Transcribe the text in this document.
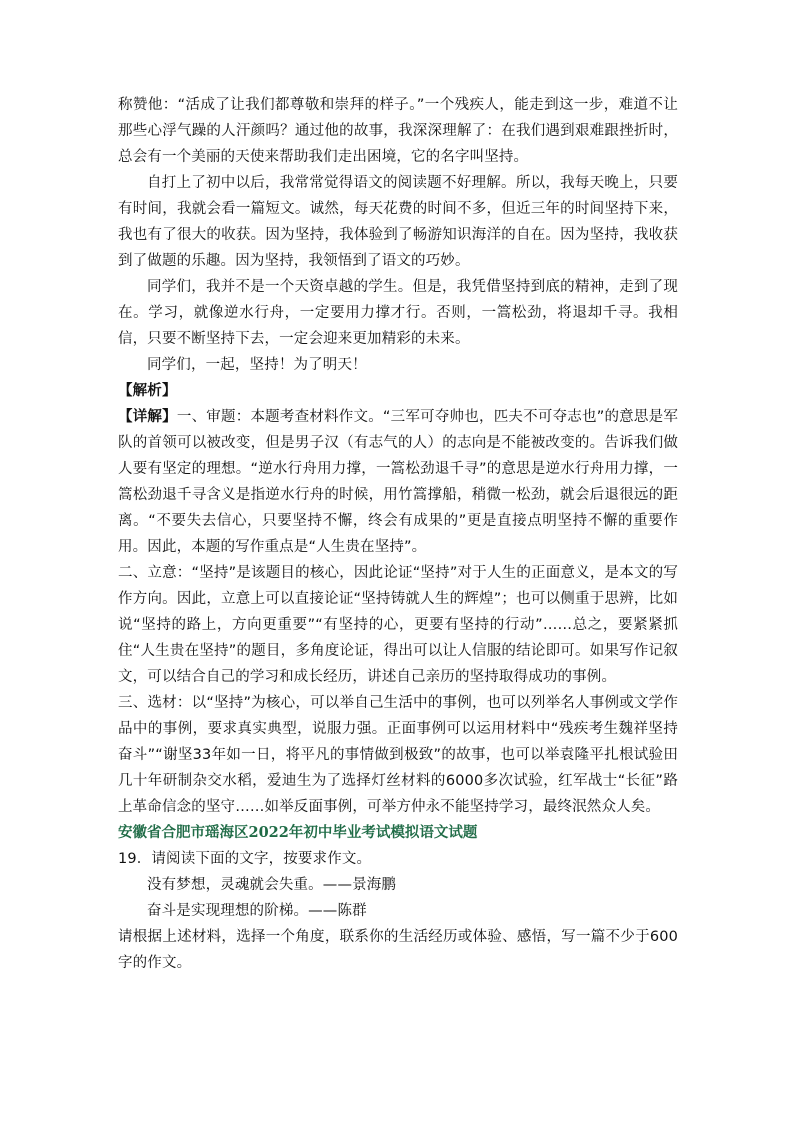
称赞他：“活成了让我们都尊敬和崇拜的样子。”一个残疾人，能走到这一步，难道不让那些心浮气躁的人汗颜吗？通过他的故事，我深深理解了：在我们遇到艰难跟挫折时，总会有一个美丽的天使来帮助我们走出困境，它的名字叫坚持。

自打上了初中以后，我常常觉得语文的阅读题不好理解。所以，我每天晚上，只要有时间，我就会看一篇短文。诚然，每天花费的时间不多，但近三年的时间坚持下来，我也有了很大的收获。因为坚持，我体验到了畅游知识海洋的自在。因为坚持，我收获到了做题的乐趣。因为坚持，我领悟到了语文的巧妙。

同学们，我并不是一个天资卓越的学生。但是，我凭借坚持到底的精神，走到了现在。学习，就像逆水行舟，一定要用力撑才行。否则，一篙松劲，将退却千寻。我相信，只要不断坚持下去，一定会迎来更加精彩的未来。

同学们，一起，坚持！为了明天！

【解析】

【详解】一、审题：本题考查材料作文。“三军可夺帅也，匹夫不可夺志也”的意思是军队的首领可以被改变，但是男子汉（有志气的人）的志向是不能被改变的。告诉我们做人要有坚定的理想。“逆水行舟用力撑，一篙松劲退千寻”的意思是逆水行舟用力撑，一篙松劲退千寻含义是指逆水行舟的时候，用竹篙撑船，稍微一松劲，就会后退很远的距离。“不要失去信心，只要坚持不懈，终会有成果的”更是直接点明坚持不懈的重要作用。因此，本题的写作重点是“人生贵在坚持”。

二、立意：“坚持”是该题目的核心，因此论证“坚持”对于人生的正面意义，是本文的写作方向。因此，立意上可以直接论证“坚持铸就人生的辉煌”；也可以侧重于思辨，比如说“坚持的路上，方向更重要”“有坚持的心，更要有坚持的行动”……总之，要紧紧抓住“人生贵在坚持”的题目，多角度论证，得出可以让人信服的结论即可。如果写作记叙文，可以结合自己的学习和成长经历，讲述自己亲历的坚持取得成功的事例。

三、选材：以“坚持”为核心，可以举自己生活中的事例，也可以列举名人事例或文学作品中的事例，要求真实典型，说服力强。正面事例可以运用材料中“残疾考生魏祥坚持奋斗”“谢坚33年如一日，将平凡的事情做到极致”的故事，也可以举袁隆平扎根试验田几十年研制杂交水稻，爱迪生为了选择灯丝材料的6000多次试验，红军战士“长征”路上革命信念的坚守……如举反面事例，可举方仲永不能坚持学习，最终泯然众人矣。

安徽省合肥市瑶海区2022年初中毕业考试模拟语文试题

19．请阅读下面的文字，按要求作文。

没有梦想，灵魂就会失重。——景海鹏

奋斗是实现理想的阶梯。——陈群

请根据上述材料，选择一个角度，联系你的生活经历或体验、感悟，写一篇不少于600字的作文。
